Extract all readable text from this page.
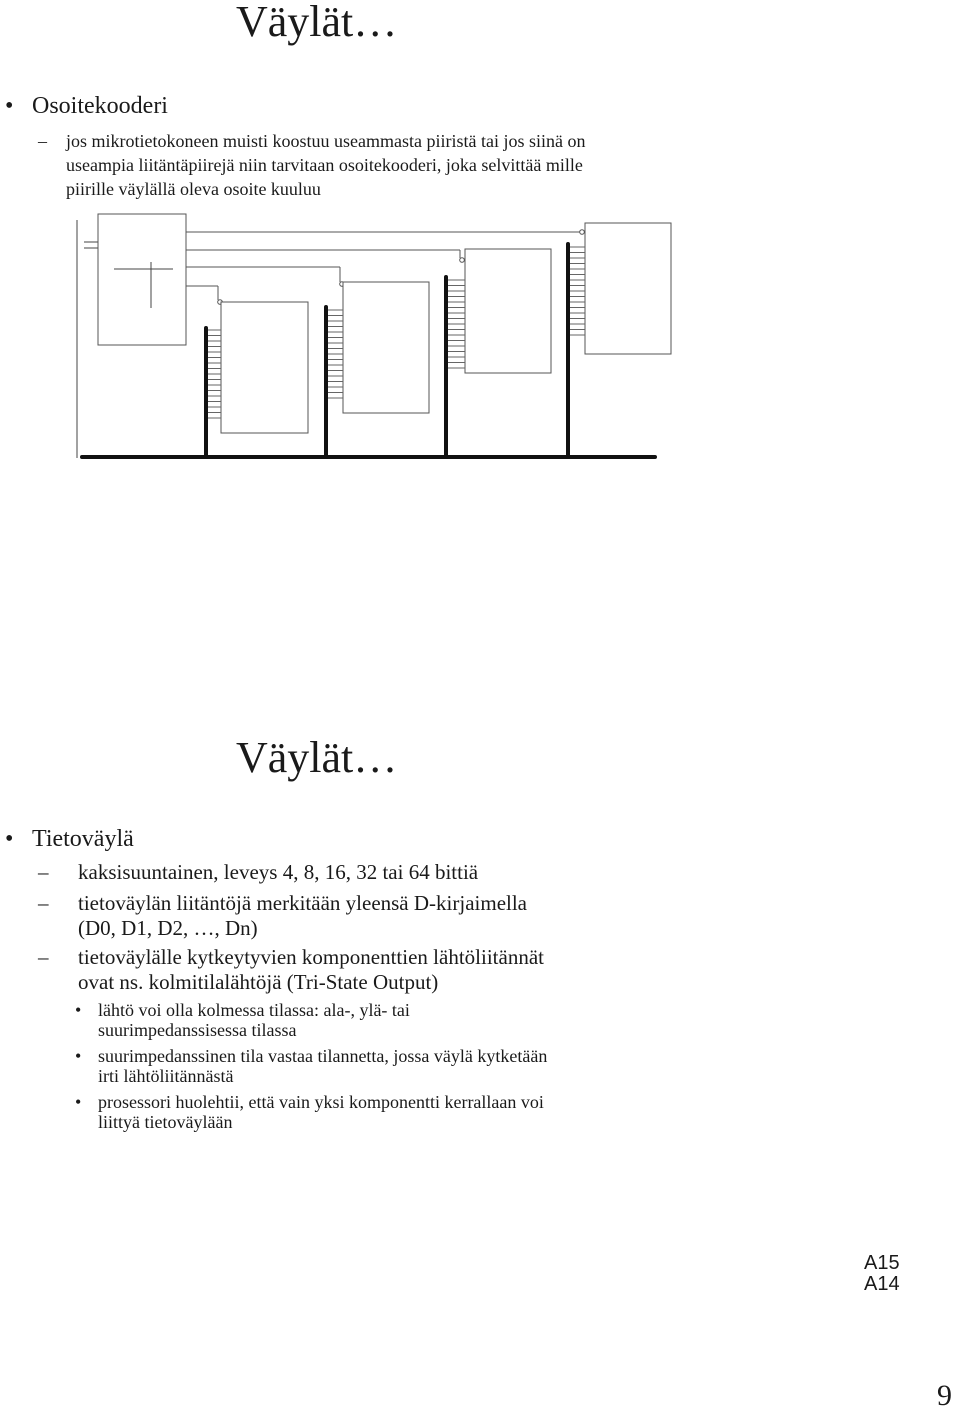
Väylät…
• Osoitekooderi
– jos mikrotietokoneen muisti koostuu useammasta piiristä tai jos siinä on
useampia liitäntäpiirejä niin tarvitaan osoitekooderi, joka selvittää mille
piirille väylällä oleva osoite kuuluu
Väylät…
• Tietoväylä
– kaksisuuntainen, leveys 4, 8, 16, 32 tai 64 bittiä
– tietoväylän liitäntöjä merkitään yleensä D-kirjaimella
(D0, D1, D2, …, Dn)
– tietoväylälle kytkeytyvien komponenttien lähtöliitännät
ovat ns. kolmitilalähtöjä (Tri-State Output)
• lähtö voi olla kolmessa tilassa: ala-, ylä- tai
suurimpedanssisessa tilassa
• suurimpedanssinen tila vastaa tilannetta, jossa väylä kytketään
irti lähtöliitännästä
• prosessori huolehtii, että vain yksi komponentti kerrallaan voi
liittyä tietoväylään
A15
A14
9
